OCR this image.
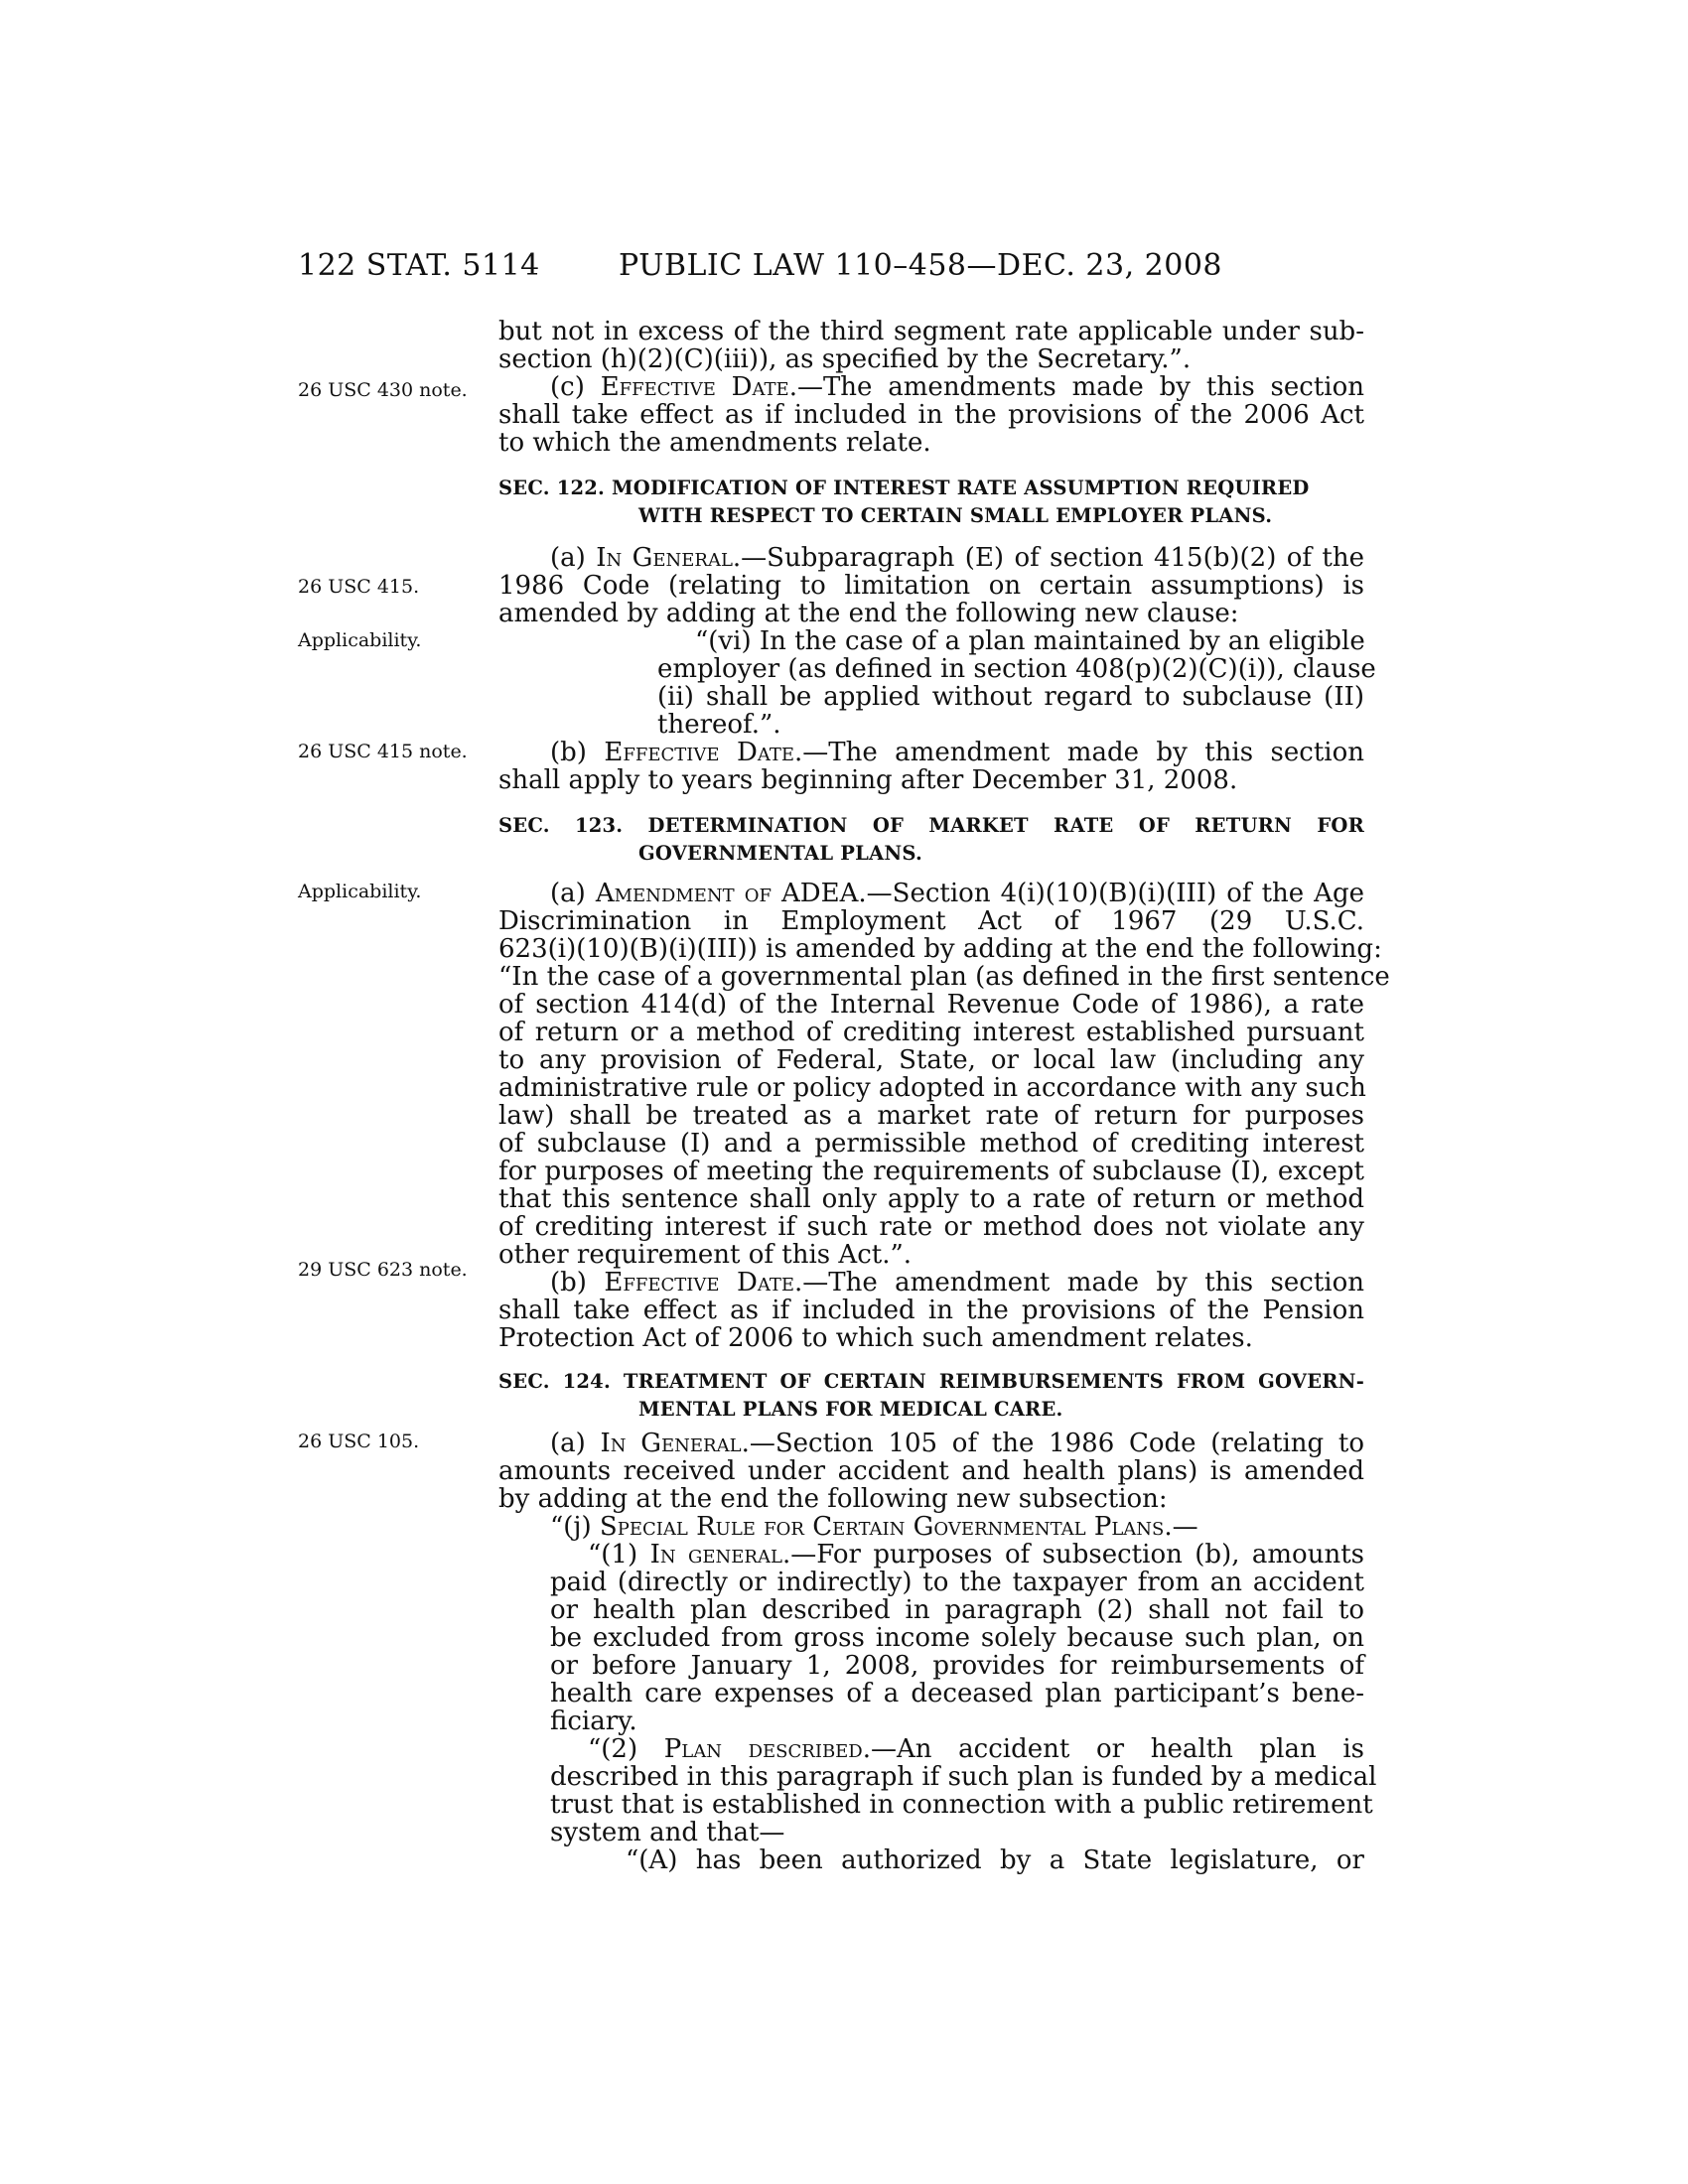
122 STAT. 5114	PUBLIC LAW 110–458—DEC. 23, 2008
26 USC 430 note.
26 USC 415.
Applicability.
26 USC 415 note.
Applicability.
29 USC 623 note.
26 USC 105.
but not in excess of the third segment rate applicable under sub-
section (h)(2)(C)(iii)), as specified by the Secretary.”.
(c) Effective Date.—The amendments made by this section
shall take effect as if included in the provisions of the 2006 Act
to which the amendments relate.
SEC. 122. MODIFICATION OF INTEREST RATE ASSUMPTION REQUIRED
WITH RESPECT TO CERTAIN SMALL EMPLOYER PLANS.
(a) In General.—Subparagraph (E) of section 415(b)(2) of the
1986 Code (relating to limitation on certain assumptions) is
amended by adding at the end the following new clause:
“(vi) In the case of a plan maintained by an eligible
employer (as defined in section 408(p)(2)(C)(i)), clause
(ii) shall be applied without regard to subclause (II)
thereof.”.
(b) Effective Date.—The amendment made by this section
shall apply to years beginning after December 31, 2008.
SEC. 123. DETERMINATION OF MARKET RATE OF RETURN FOR
GOVERNMENTAL PLANS.
(a) Amendment of ADEA.—Section 4(i)(10)(B)(i)(III) of the Age
Discrimination in Employment Act of 1967 (29 U.S.C.
623(i)(10)(B)(i)(III)) is amended by adding at the end the following:
“In the case of a governmental plan (as defined in the first sentence
of section 414(d) of the Internal Revenue Code of 1986), a rate
of return or a method of crediting interest established pursuant
to any provision of Federal, State, or local law (including any
administrative rule or policy adopted in accordance with any such
law) shall be treated as a market rate of return for purposes
of subclause (I) and a permissible method of crediting interest
for purposes of meeting the requirements of subclause (I), except
that this sentence shall only apply to a rate of return or method
of crediting interest if such rate or method does not violate any
other requirement of this Act.”.
(b) Effective Date.—The amendment made by this section
shall take effect as if included in the provisions of the Pension
Protection Act of 2006 to which such amendment relates.
SEC. 124. TREATMENT OF CERTAIN REIMBURSEMENTS FROM GOVERN-
MENTAL PLANS FOR MEDICAL CARE.
(a) In General.—Section 105 of the 1986 Code (relating to
amounts received under accident and health plans) is amended
by adding at the end the following new subsection:
“(j) Special Rule for Certain Governmental Plans.—
“(1) In general.—For purposes of subsection (b), amounts
paid (directly or indirectly) to the taxpayer from an accident
or health plan described in paragraph (2) shall not fail to
be excluded from gross income solely because such plan, on
or before January 1, 2008, provides for reimbursements of
health care expenses of a deceased plan participant’s bene-
ficiary.
“(2) Plan described.—An accident or health plan is
described in this paragraph if such plan is funded by a medical
trust that is established in connection with a public retirement
system and that—
“(A) has been authorized by a State legislature, or
